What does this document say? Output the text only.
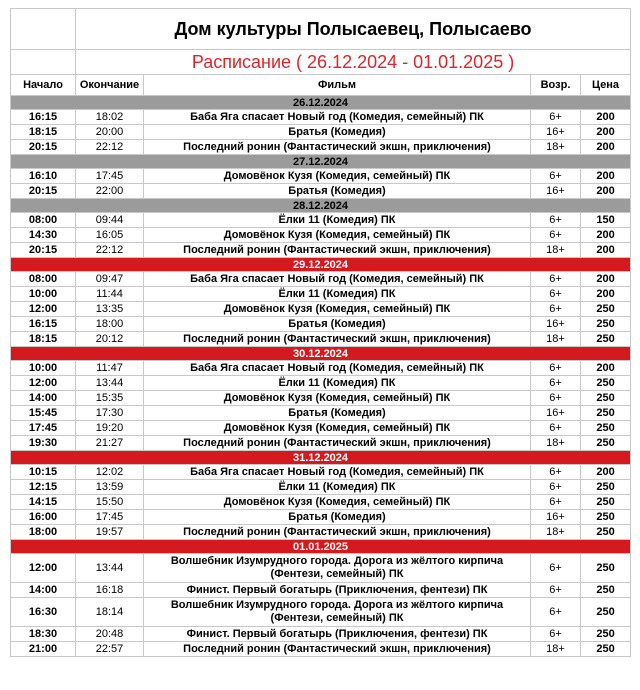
	Дом культуры Полысаевец, Полысаево			
	Расписание ( 26.12.2024 - 01.01.2025 )			
Начало	Окончание	Фильм	Возр.	Цена
26.12.2024				
16:15	18:02	Баба Яга спасает Новый год (Комедия, семейный) ПК	6+	200
18:15	20:00	Братья (Комедия)	16+	200
20:15	22:12	Последний ронин (Фантастический экшн, приключения)	18+	200
27.12.2024				
16:10	17:45	Домовёнок Кузя (Комедия, семейный) ПК	6+	200
20:15	22:00	Братья (Комедия)	16+	200
28.12.2024				
08:00	09:44	Ёлки 11 (Комедия) ПК	6+	150
14:30	16:05	Домовёнок Кузя (Комедия, семейный) ПК	6+	200
20:15	22:12	Последний ронин (Фантастический экшн, приключения)	18+	200
29.12.2024				
08:00	09:47	Баба Яга спасает Новый год (Комедия, семейный) ПК	6+	200
10:00	11:44	Ёлки 11 (Комедия) ПК	6+	200
12:00	13:35	Домовёнок Кузя (Комедия, семейный) ПК	6+	250
16:15	18:00	Братья (Комедия)	16+	250
18:15	20:12	Последний ронин (Фантастический экшн, приключения)	18+	250
30.12.2024				
10:00	11:47	Баба Яга спасает Новый год (Комедия, семейный) ПК	6+	200
12:00	13:44	Ёлки 11 (Комедия) ПК	6+	250
14:00	15:35	Домовёнок Кузя (Комедия, семейный) ПК	6+	250
15:45	17:30	Братья (Комедия)	16+	250
17:45	19:20	Домовёнок Кузя (Комедия, семейный) ПК	6+	250
19:30	21:27	Последний ронин (Фантастический экшн, приключения)	18+	250
31.12.2024				
10:15	12:02	Баба Яга спасает Новый год (Комедия, семейный) ПК	6+	200
12:15	13:59	Ёлки 11 (Комедия) ПК	6+	250
14:15	15:50	Домовёнок Кузя (Комедия, семейный) ПК	6+	250
16:00	17:45	Братья (Комедия)	16+	250
18:00	19:57	Последний ронин (Фантастический экшн, приключения)	18+	250
01.01.2025				
12:00	13:44	Волшебник Изумрудного города. Дорога из жёлтого кирпича (Фентези, семейный) ПК	6+	250
14:00	16:18	Финист. Первый богатырь (Приключения, фентези) ПК	6+	250
16:30	18:14	Волшебник Изумрудного города. Дорога из жёлтого кирпича (Фентези, семейный) ПК	6+	250
18:30	20:48	Финист. Первый богатырь (Приключения, фентези) ПК	6+	250
21:00	22:57	Последний ронин (Фантастический экшн, приключения)	18+	250
